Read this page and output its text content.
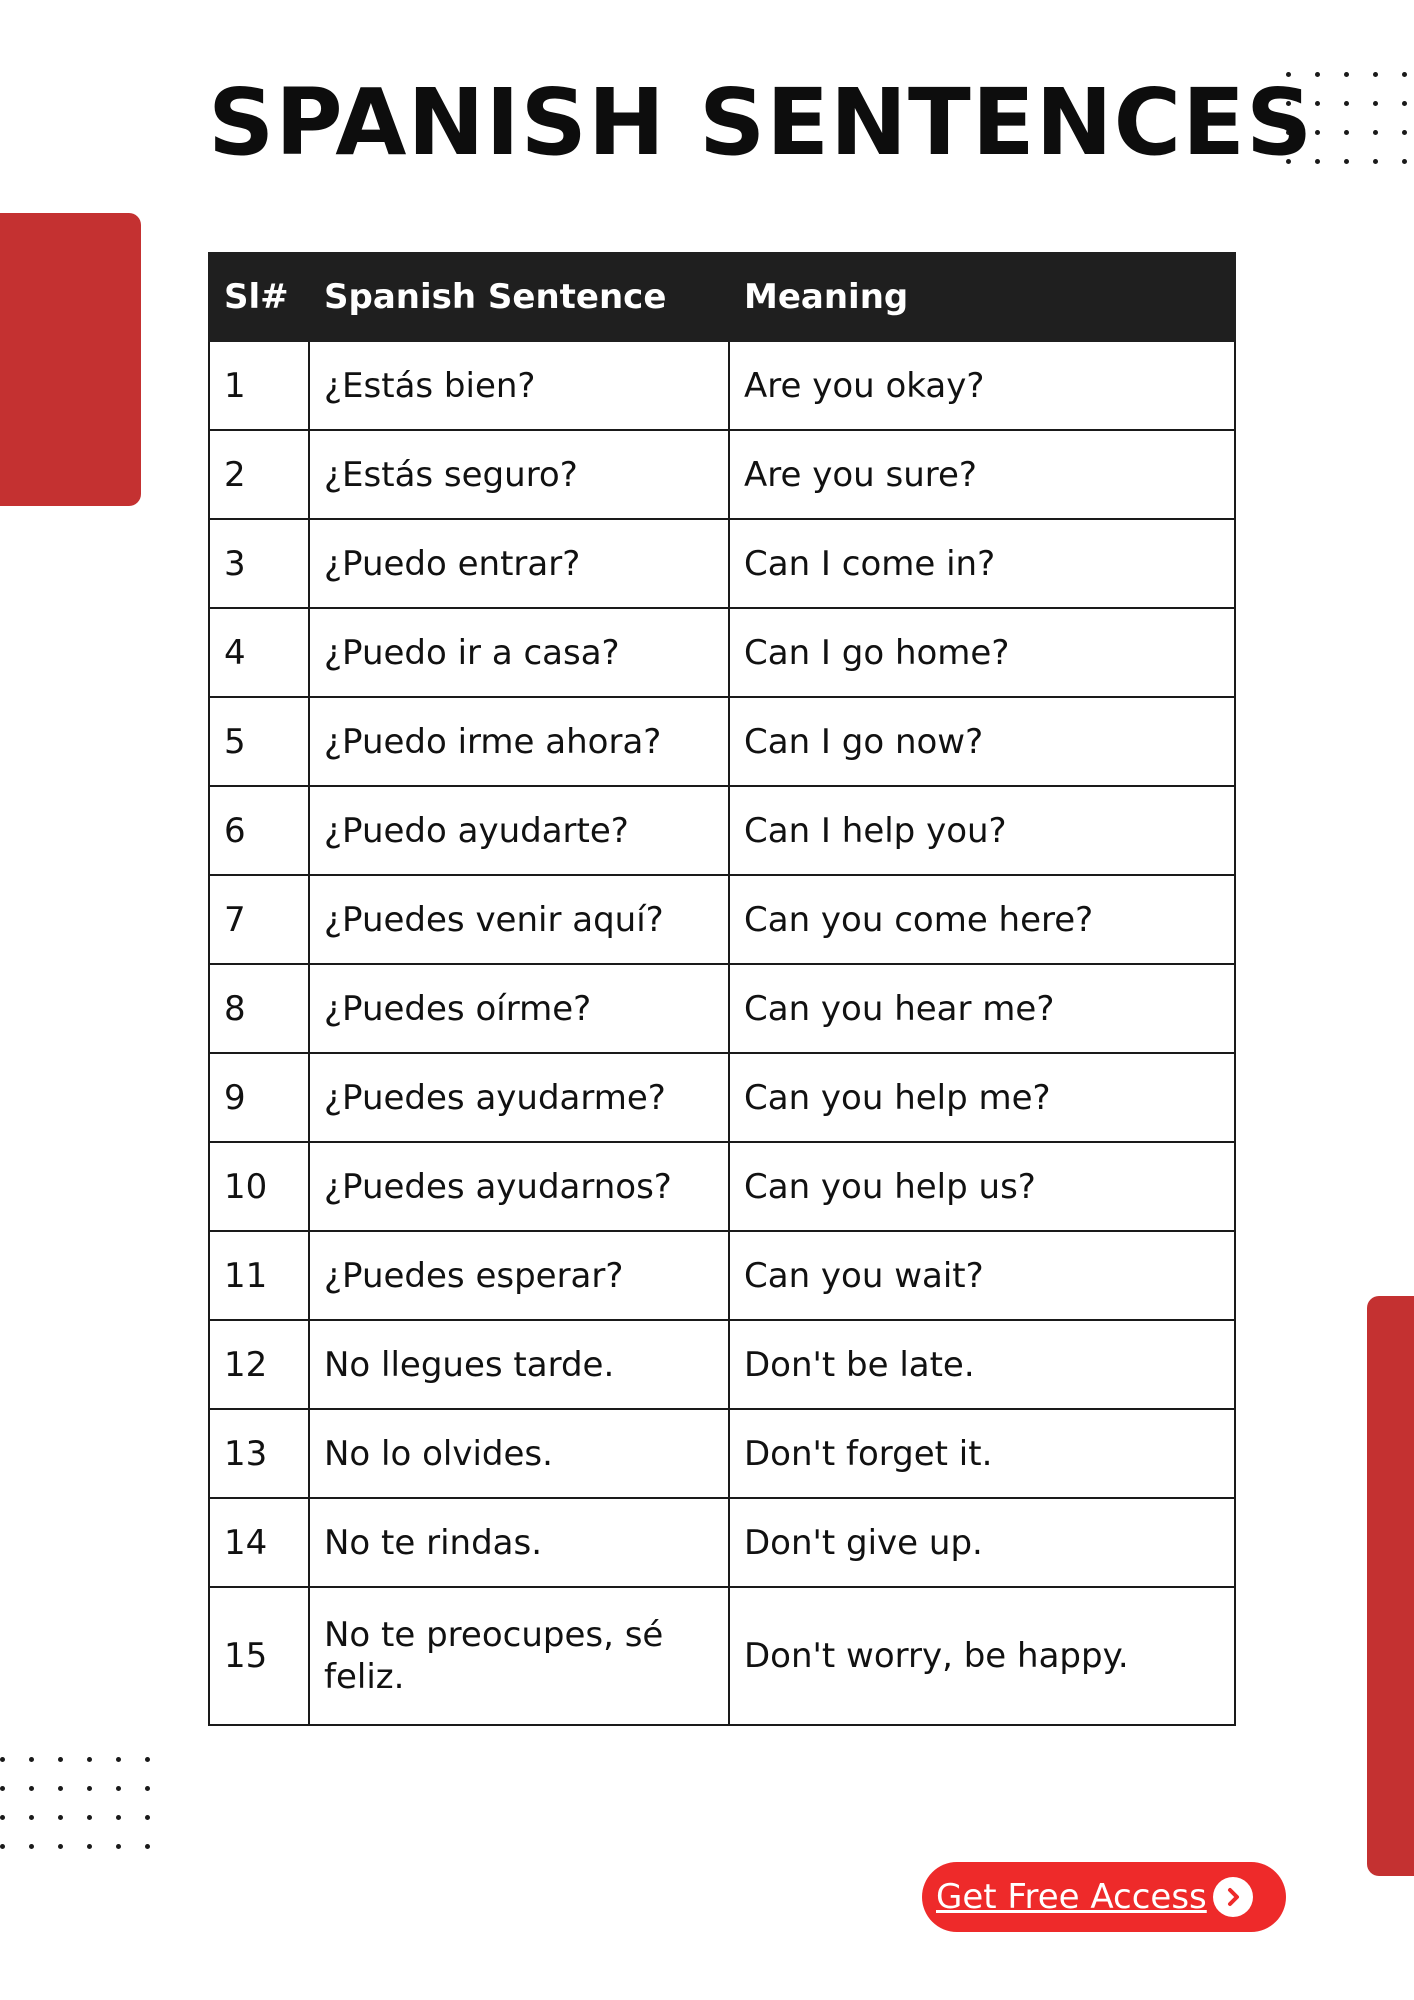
SPANISH SENTENCES
Sl#	Spanish Sentence	Meaning
1	¿Estás bien?	Are you okay?
2	¿Estás seguro?	Are you sure?
3	¿Puedo entrar?	Can I come in?
4	¿Puedo ir a casa?	Can I go home?
5	¿Puedo irme ahora?	Can I go now?
6	¿Puedo ayudarte?	Can I help you?
7	¿Puedes venir aquí?	Can you come here?
8	¿Puedes oírme?	Can you hear me?
9	¿Puedes ayudarme?	Can you help me?
10	¿Puedes ayudarnos?	Can you help us?
11	¿Puedes esperar?	Can you wait?
12	No llegues tarde.	Don't be late.
13	No lo olvides.	Don't forget it.
14	No te rindas.	Don't give up.
15	No te preocupes, sé feliz.	Don't worry, be happy.
Get Free Access
